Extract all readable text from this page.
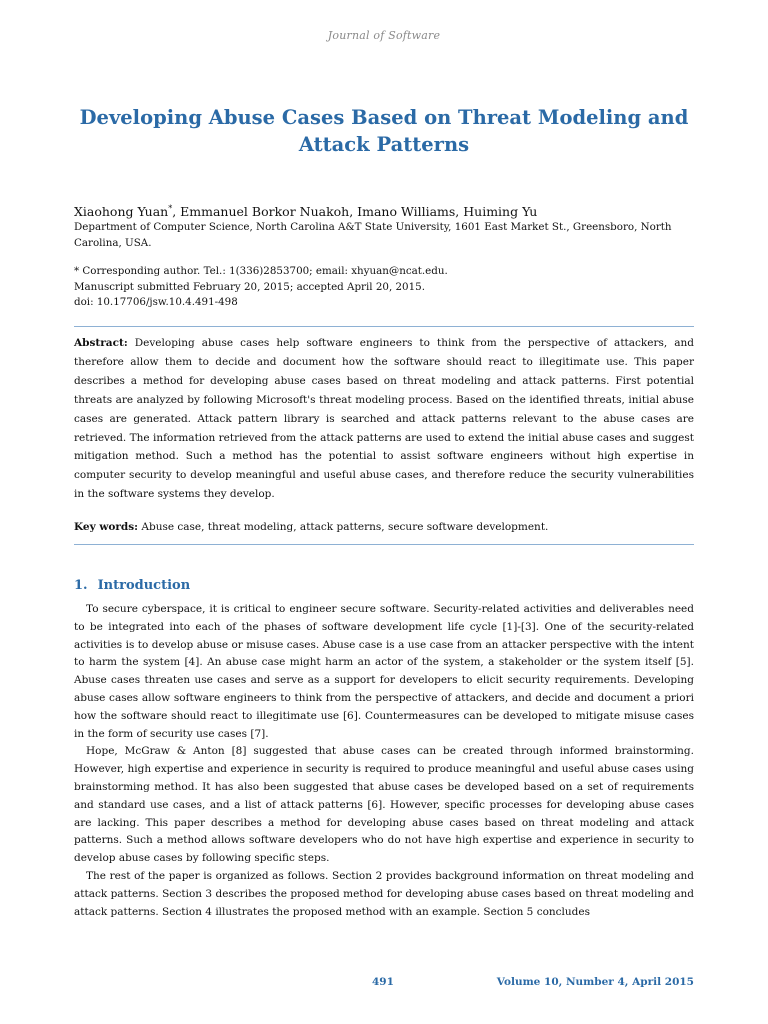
Journal of Software
Developing Abuse Cases Based on Threat Modeling and Attack Patterns
Xiaohong Yuan*, Emmanuel Borkor Nuakoh, Imano Williams, Huiming Yu
Department of Computer Science, North Carolina A&T State University, 1601 East Market St., Greensboro, North Carolina, USA.
* Corresponding author. Tel.: 1(336)2853700; email: xhyuan@ncat.edu.
Manuscript submitted February 20, 2015; accepted April 20, 2015.
doi: 10.17706/jsw.10.4.491-498
Abstract: Developing abuse cases help software engineers to think from the perspective of attackers, and therefore allow them to decide and document how the software should react to illegitimate use. This paper describes a method for developing abuse cases based on threat modeling and attack patterns. First potential threats are analyzed by following Microsoft's threat modeling process. Based on the identified threats, initial abuse cases are generated. Attack pattern library is searched and attack patterns relevant to the abuse cases are retrieved. The information retrieved from the attack patterns are used to extend the initial abuse cases and suggest mitigation method. Such a method has the potential to assist software engineers without high expertise in computer security to develop meaningful and useful abuse cases, and therefore reduce the security vulnerabilities in the software systems they develop.
Key words: Abuse case, threat modeling, attack patterns, secure software development.
1. Introduction

To secure cyberspace, it is critical to engineer secure software. Security-related activities and deliverables need to be integrated into each of the phases of software development life cycle [1]-[3]. One of the security-related activities is to develop abuse or misuse cases. Abuse case is a use case from an attacker perspective with the intent to harm the system [4]. An abuse case might harm an actor of the system, a stakeholder or the system itself [5]. Abuse cases threaten use cases and serve as a support for developers to elicit security requirements. Developing abuse cases allow software engineers to think from the perspective of attackers, and decide and document a priori how the software should react to illegitimate use [6]. Countermeasures can be developed to mitigate misuse cases in the form of security use cases [7].

Hope, McGraw & Anton [8] suggested that abuse cases can be created through informed brainstorming. However, high expertise and experience in security is required to produce meaningful and useful abuse cases using brainstorming method. It has also been suggested that abuse cases be developed based on a set of requirements and standard use cases, and a list of attack patterns [6]. However, specific processes for developing abuse cases are lacking. This paper describes a method for developing abuse cases based on threat modeling and attack patterns. Such a method allows software developers who do not have high expertise and experience in security to develop abuse cases by following specific steps.

The rest of the paper is organized as follows. Section 2 provides background information on threat modeling and attack patterns. Section 3 describes the proposed method for developing abuse cases based on threat modeling and attack patterns. Section 4 illustrates the proposed method with an example. Section 5 concludes

491	Volume 10, Number 4, April 2015
